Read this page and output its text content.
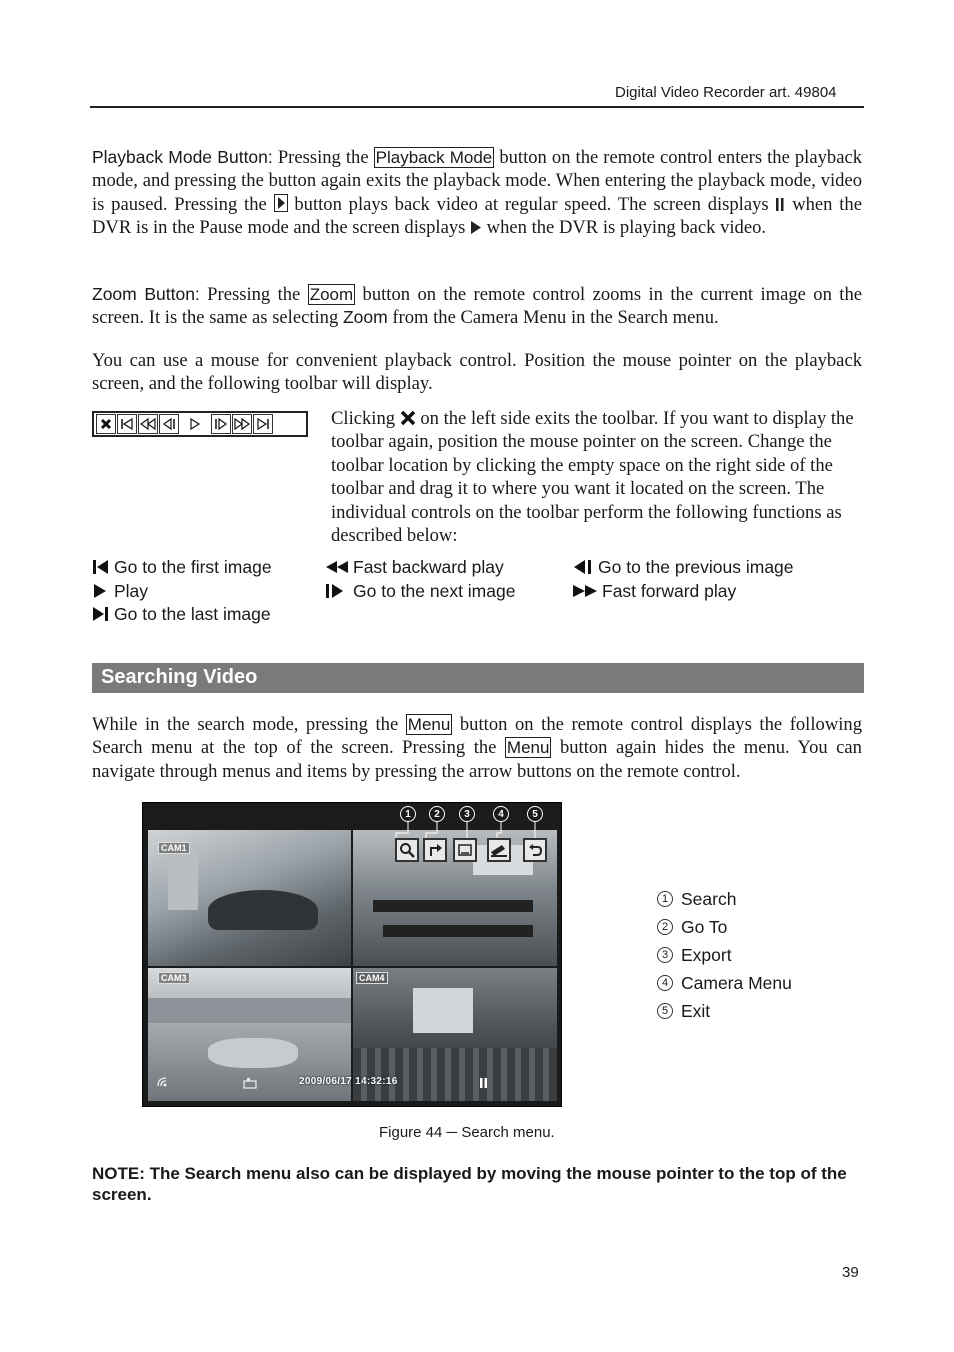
Digital Video Recorder art. 49804
Playback Mode Button: Pressing the Playback Mode button on the remote control enters the playback mode, and pressing the button again exits the playback mode. When entering the playback mode, video is paused. Pressing the  button plays back video at regular speed. The screen displays  when the DVR is in the Pause mode and the screen displays  when the DVR is playing back video.
Zoom Button: Pressing the Zoom button on the remote control zooms in the current image on the screen. It is the same as selecting Zoom from the Camera Menu in the Search menu.
You can use a mouse for convenient playback control. Position the mouse pointer on the playback screen, and the following toolbar will display.
Clicking  on the left side exits the toolbar. If you want to display the toolbar again, position the mouse pointer on the screen. Change the toolbar location by clicking the empty space on the right side of the toolbar and drag it to where you want it located on the screen. The individual controls on the toolbar perform the following functions as described below:
Go to the first image	Fast backward play	Go to the previous image
Play	Go to the next image	Fast forward play
Go to the last image
Searching Video
While in the search mode, pressing the Menu button on the remote control displays the following Search menu at the top of the screen. Pressing the Menu button again hides the menu. You can navigate through menus and items by pressing the arrow buttons on the remote control.
CAM1
CAM3	CAM4
1	2	3	4	5
2009/06/17 14:32:16
1 Search
2 Go To
3 Export
4 Camera Menu
5 Exit
Figure 44 ─ Search menu.
NOTE: The Search menu also can be displayed by moving the mouse pointer to the top of the screen.
39
